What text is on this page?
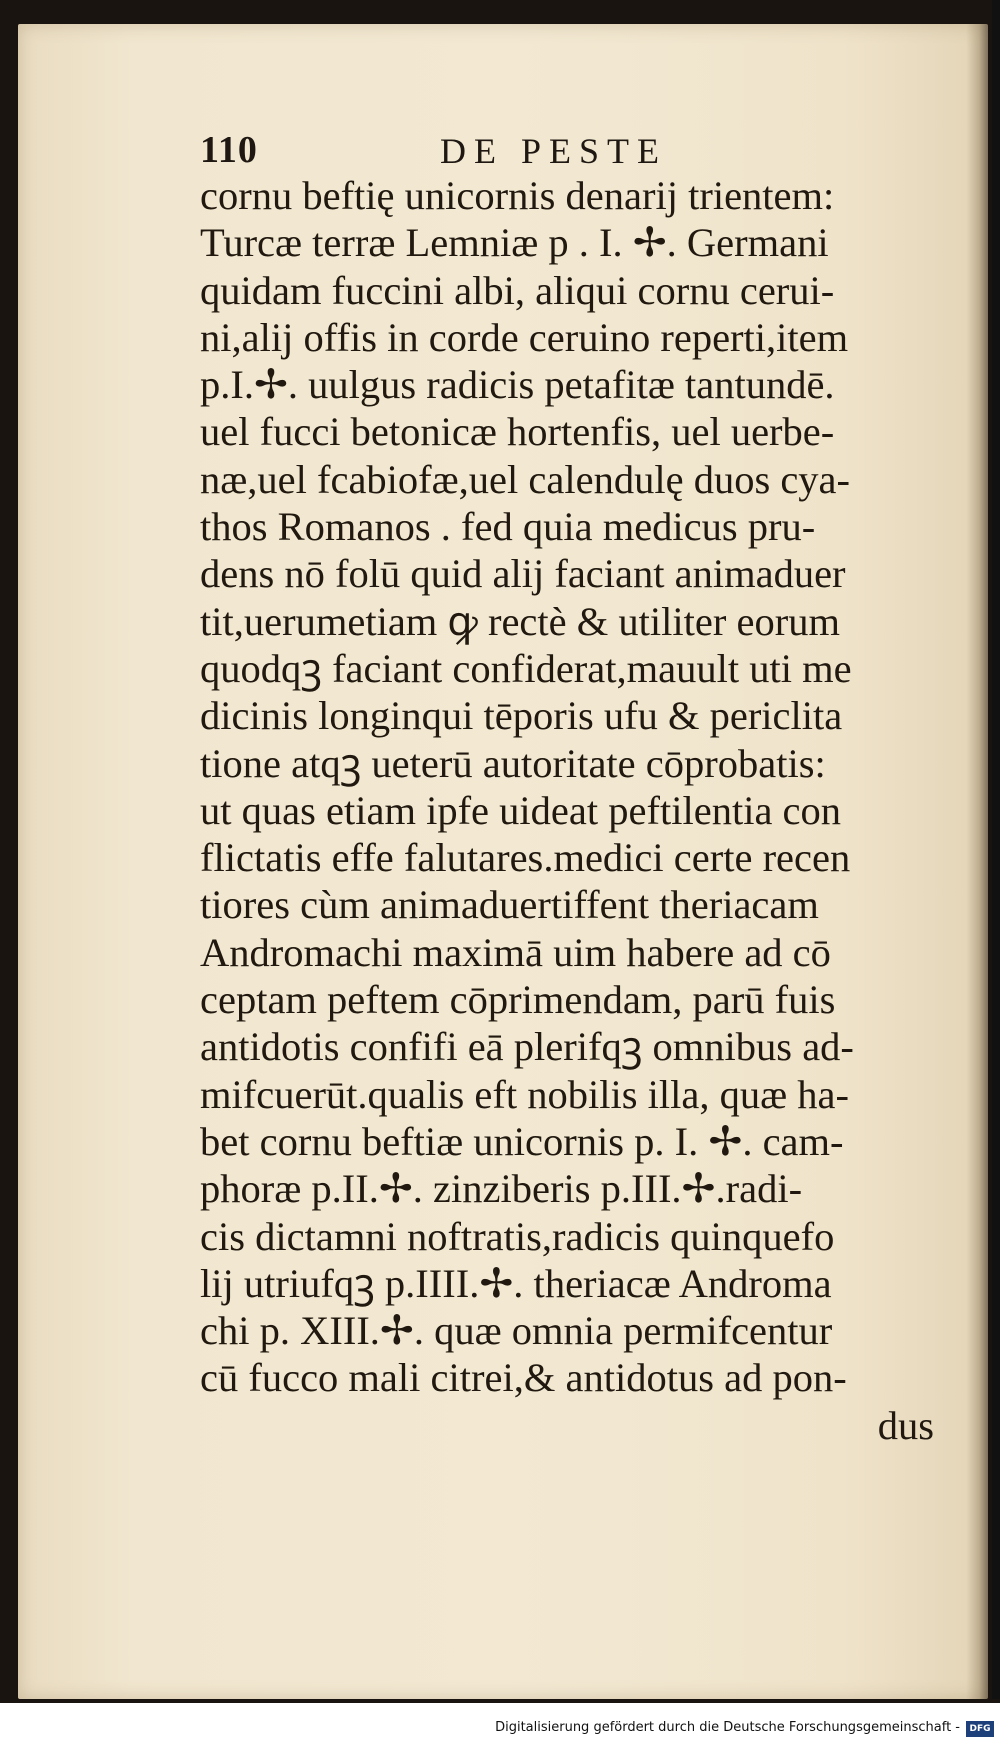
110	DE PESTE
cornu beftię unicornis denarij trientem:
Turcæ terræ Lemniæ p . I. ✢. Germani
quidam fuccini albi, aliqui cornu cerui-
ni,alij offis in corde ceruino reperti,item
p.I.✢. uulgus radicis petafitæ tantundē.
uel fucci betonicæ hortenfis, uel uerbe-
næ,uel fcabiofæ,uel calendulę duos cya-
thos Romanos . fed quia medicus pru-
dens nō folū quid alij faciant animaduer
tit,uerumetiam ꝙ rectè & utiliter eorum
quodqꝫ faciant confiderat,mauult uti me
dicinis longinqui tēporis ufu & periclita
tione atqꝫ ueterū autoritate cōprobatis:
ut quas etiam ipfe uideat peftilentia con
flictatis effe falutares.medici certe recen
tiores cùm animaduertiffent theriacam
Andromachi maximā uim habere ad cō
ceptam peftem cōprimendam, parū fuis
antidotis confifi eā plerifqꝫ omnibus ad-
mifcuerūt.qualis eft nobilis illa, quæ ha-
bet cornu beftiæ unicornis p. I. ✢. cam-
phoræ p.II.✢. zinziberis p.III.✢.radi-
cis dictamni noftratis,radicis quinquefo
lij utriufqꝫ p.IIII.✢. theriacæ Androma
chi p. XIII.✢. quæ omnia permifcentur
cū fucco mali citrei,& antidotus ad pon-
dus
Digitalisierung gefördert durch die Deutsche Forschungsgemeinschaft -	DFG
